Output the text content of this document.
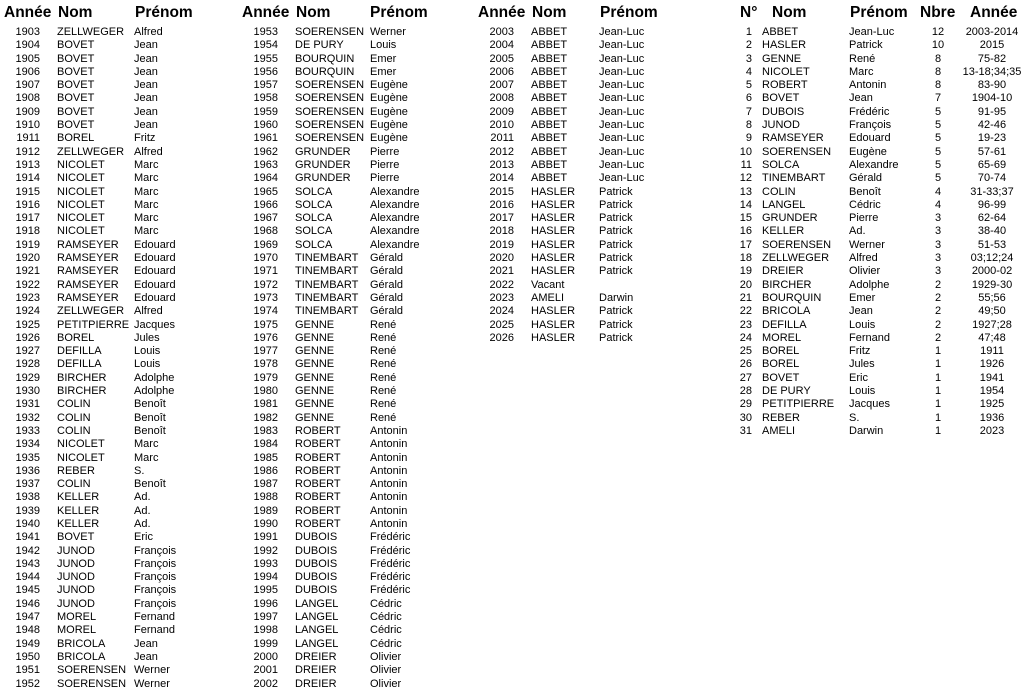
Année Nom	Prénom
1903 ZELLWEGER Alfred
1904 BOVET	Jean
1905 BOVET	Jean
1906 BOVET	Jean
1907 BOVET	Jean
1908 BOVET	Jean
1909 BOVET	Jean
1910 BOVET	Jean
1911 BOREL	Fritz
1912 ZELLWEGER Alfred
1913 NICOLET	Marc
1914 NICOLET	Marc
1915 NICOLET	Marc
1916 NICOLET	Marc
1917 NICOLET	Marc
1918 NICOLET	Marc
1919 RAMSEYER Edouard
1920 RAMSEYER Edouard
1921 RAMSEYER Edouard
1922 RAMSEYER Edouard
1923 RAMSEYER Edouard
1924 ZELLWEGER Alfred
1925 PETITPIERRE Jacques
1926 BOREL	Jules
1927 DEFILLA	Louis
1928 DEFILLA	Louis
1929 BIRCHER Adolphe
1930 BIRCHER Adolphe
1931 COLIN	Benoît
1932 COLIN	Benoît
1933 COLIN	Benoît
1934 NICOLET	Marc
1935 NICOLET	Marc
1936 REBER	S.
1937 COLIN	Benoît
1938 KELLER	Ad.
1939 KELLER	Ad.
1940 KELLER	Ad.
1941 BOVET	Eric
1942 JUNOD	François
1943 JUNOD	François
1944 JUNOD	François
1945 JUNOD	François
1946 JUNOD	François
1947 MOREL	Fernand
1948 MOREL	Fernand
1949 BRICOLA	Jean
1950 BRICOLA	Jean
1951 SOERENSEN Werner
1952 SOERENSEN Werner
Année Nom	Prénom
1953 SOERENSEN Werner
1954 DE PURY Louis
1955 BOURQUIN Emer
1956 BOURQUIN Emer
1957 SOERENSEN Eugène
1958 SOERENSEN Eugène
1959 SOERENSEN Eugène
1960 SOERENSEN Eugène
1961 SOERENSEN Eugène
1962 GRUNDER Pierre
1963 GRUNDER Pierre
1964 GRUNDER Pierre
1965 SOLCA	Alexandre
1966 SOLCA	Alexandre
1967 SOLCA	Alexandre
1968 SOLCA	Alexandre
1969 SOLCA	Alexandre
1970 TINEMBART Gérald
1971 TINEMBART Gérald
1972 TINEMBART Gérald
1973 TINEMBART Gérald
1974 TINEMBART Gérald
1975 GENNE	René
1976 GENNE	René
1977 GENNE	René
1978 GENNE	René
1979 GENNE	René
1980 GENNE	René
1981 GENNE	René
1982 GENNE	René
1983 ROBERT	Antonin
1984 ROBERT	Antonin
1985 ROBERT	Antonin
1986 ROBERT	Antonin
1987 ROBERT	Antonin
1988 ROBERT	Antonin
1989 ROBERT	Antonin
1990 ROBERT	Antonin
1991 DUBOIS	Frédéric
1992 DUBOIS	Frédéric
1993 DUBOIS	Frédéric
1994 DUBOIS	Frédéric
1995 DUBOIS	Frédéric
1996 LANGEL	Cédric
1997 LANGEL	Cédric
1998 LANGEL	Cédric
1999 LANGEL	Cédric
2000 DREIER	Olivier
2001 DREIER	Olivier
2002 DREIER	Olivier
Année Nom Prénom
2003 ABBET	Jean-Luc
2004 ABBET	Jean-Luc
2005 ABBET	Jean-Luc
2006 ABBET	Jean-Luc
2007 ABBET	Jean-Luc
2008 ABBET	Jean-Luc
2009 ABBET	Jean-Luc
2010 ABBET	Jean-Luc
2011 ABBET	Jean-Luc
2012 ABBET	Jean-Luc
2013 ABBET	Jean-Luc
2014 ABBET	Jean-Luc
2015 HASLER Patrick
2016 HASLER Patrick
2017 HASLER Patrick
2018 HASLER Patrick
2019 HASLER Patrick
2020 HASLER Patrick
2021 HASLER Patrick
2022 Vacant
2023 AMELI	Darwin
2024 HASLER Patrick
2025 HASLER Patrick
2026 HASLER Patrick
N° Nom	Prénom Nbre Année
1 ABBET	Jean-Luc	12	2003-2014
2 HASLER	Patrick	10	2015
3 GENNE	René	8	75-82
4 NICOLET	Marc	8	13-18;34;35
5 ROBERT	Antonin	8	83-90
6 BOVET	Jean	7	1904-10
7 DUBOIS	Frédéric	5	91-95
8 JUNOD	François	5	42-46
9 RAMSEYER Edouard	5	19-23
10 SOERENSEN Eugène	5	57-61
11 SOLCA	Alexandre	5	65-69
12 TINEMBART Gérald	5	70-74
13 COLIN	Benoît	4	31-33;37
14 LANGEL	Cédric	4	96-99
15 GRUNDER	Pierre	3	62-64
16 KELLER	Ad.	3	38-40
17 SOERENSEN Werner	3	51-53
18 ZELLWEGER Alfred	3	03;12;24
19 DREIER	Olivier	3	2000-02
20 BIRCHER	Adolphe	2	1929-30
21 BOURQUIN	Emer	2	55;56
22 BRICOLA	Jean	2	49;50
23 DEFILLA	Louis	2	1927;28
24 MOREL	Fernand	2	47;48
25 BOREL	Fritz	1	1911
26 BOREL	Jules	1	1926
27 BOVET	Eric	1	1941
28 DE PURY	Louis	1	1954
29 PETITPIERRE Jacques	1	1925
30 REBER	S.	1	1936
31 AMELI	Darwin	1	2023
